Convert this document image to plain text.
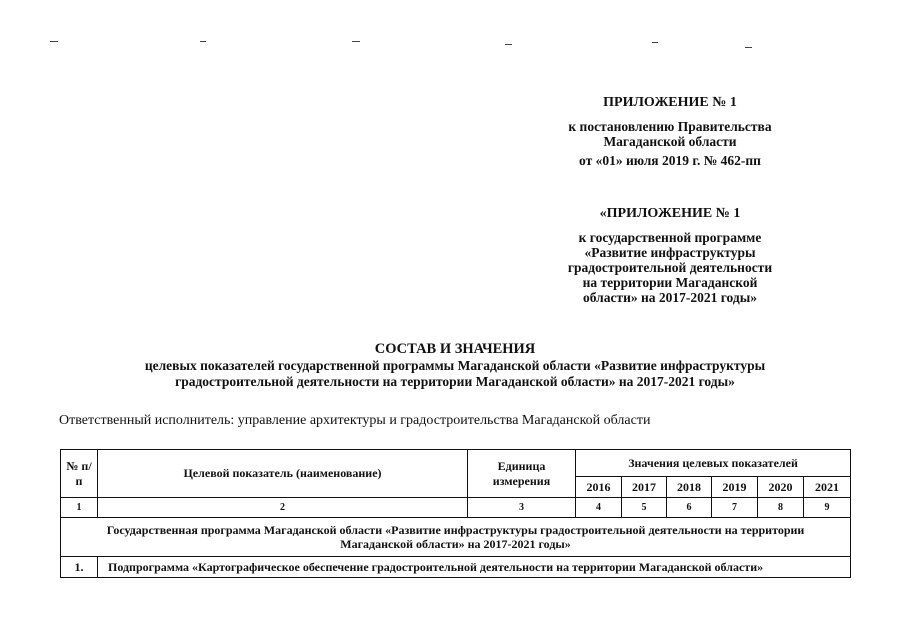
ПРИЛОЖЕНИЕ № 1
к постановлению Правительства
Магаданской области
от «01» июля 2019 г. № 462-пп
«ПРИЛОЖЕНИЕ № 1
к государственной программе
«Развитие инфраструктуры
градостроительной деятельности
на территории Магаданской
области» на 2017-2021 годы»
СОСТАВ И ЗНАЧЕНИЯ
целевых показателей государственной программы Магаданской области «Развитие инфраструктуры
градостроительной деятельности на территории Магаданской области» на 2017-2021 годы»
Ответственный исполнитель: управление архитектуры и градостроительства Магаданской области
№ п/п	Целевой показатель (наименование)	Единица измерения	Значения целевых показателей					
			2016	2017	2018	2019	2020	2021
1	2	3	4	5	6	7	8	9
Государственная программа Магаданской области «Развитие инфраструктуры градостроительной деятельности на территории Магаданской области» на 2017-2021 годы»								
1.	Подпрограмма «Картографическое обеспечение градостроительной деятельности на территории Магаданской области»							
